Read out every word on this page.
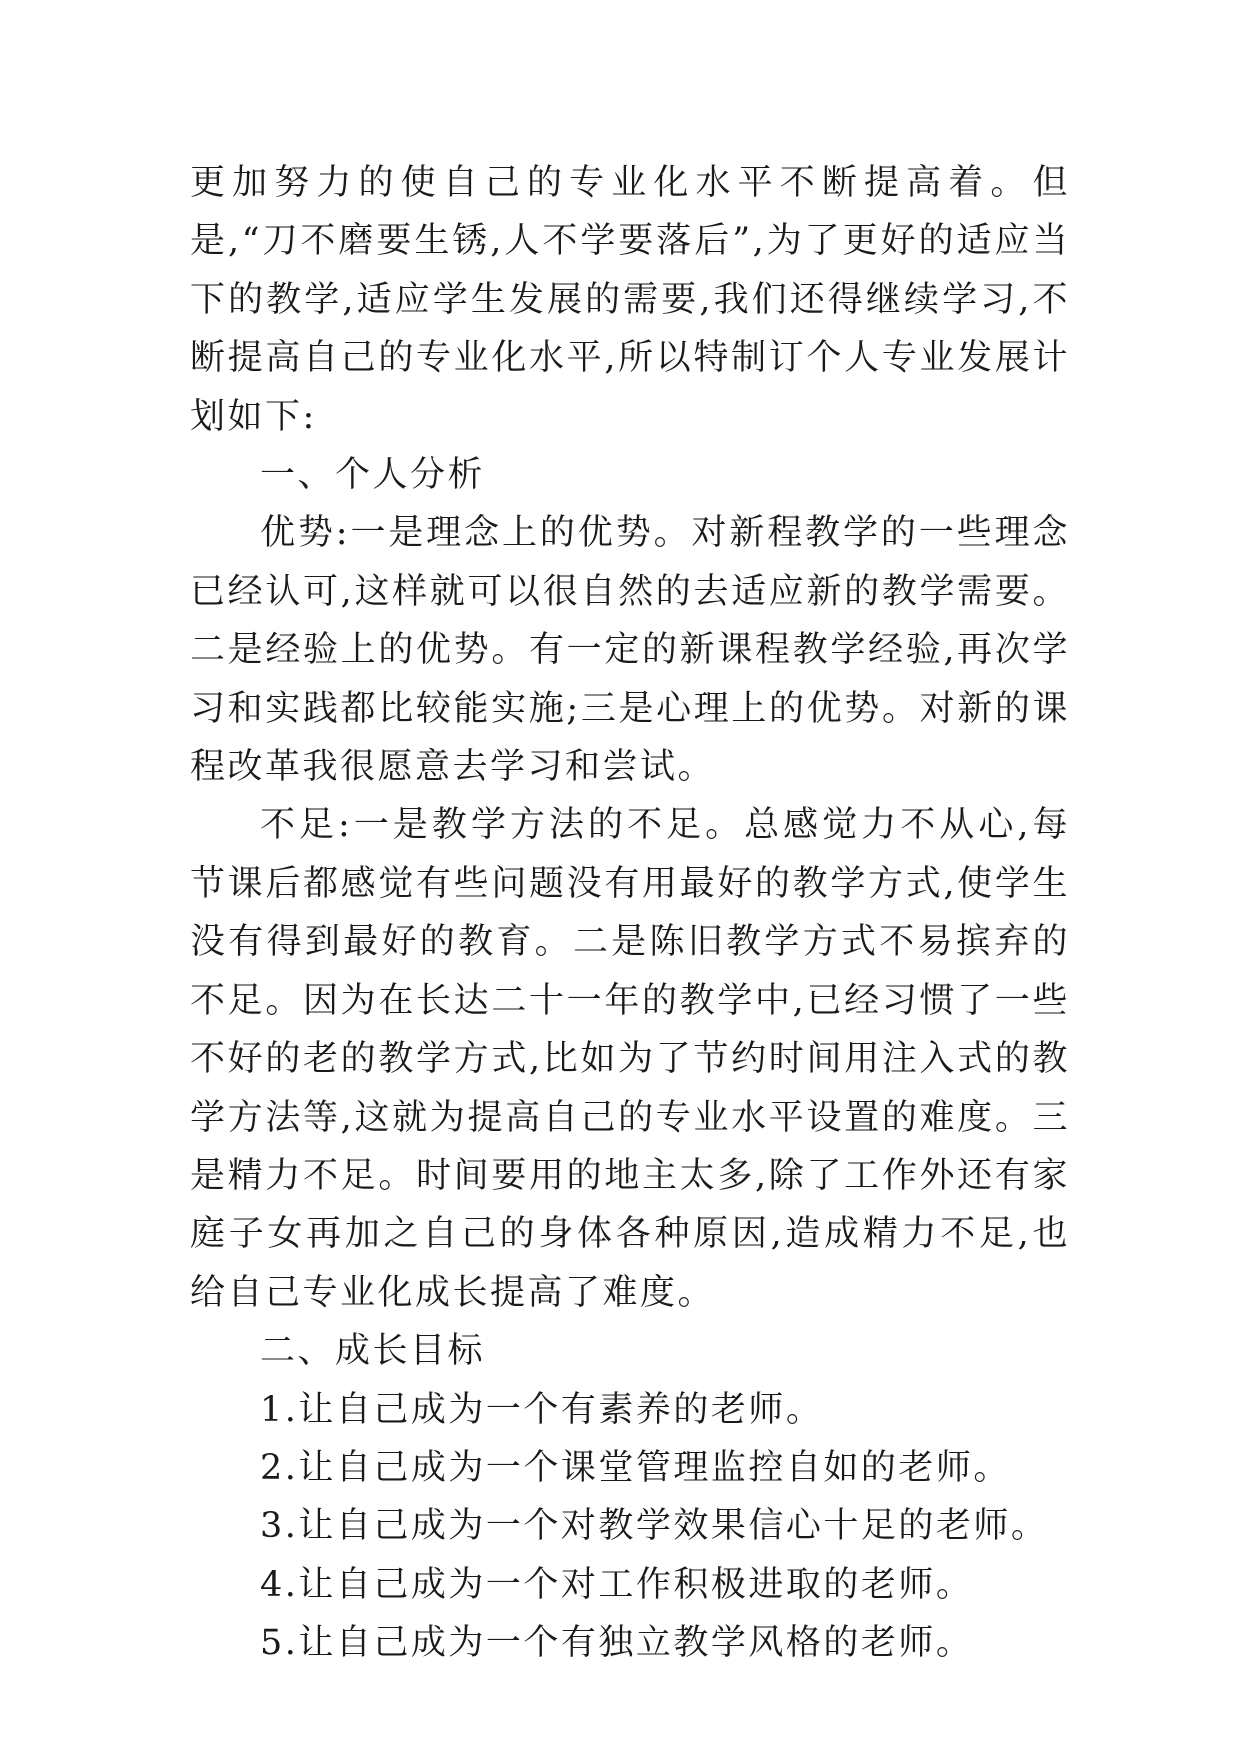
更加努力的使自己的专业化水平不断提高着。但是,“刀不磨要生锈,人不学要落后”,为了更好的适应当下的教学,适应学生发展的需要,我们还得继续学习,不断提高自己的专业化水平,所以特制订个人专业发展计划如下:

一、个人分析

优势:一是理念上的优势。对新程教学的一些理念已经认可,这样就可以很自然的去适应新的教学需要。二是经验上的优势。有一定的新课程教学经验,再次学习和实践都比较能实施;三是心理上的优势。对新的课程改革我很愿意去学习和尝试。

不足:一是教学方法的不足。总感觉力不从心,每节课后都感觉有些问题没有用最好的教学方式,使学生没有得到最好的教育。二是陈旧教学方式不易摈弃的不足。因为在长达二十一年的教学中,已经习惯了一些不好的老的教学方式,比如为了节约时间用注入式的教学方法等,这就为提高自己的专业水平设置的难度。三是精力不足。时间要用的地主太多,除了工作外还有家庭子女再加之自己的身体各种原因,造成精力不足,也给自己专业化成长提高了难度。

二、成长目标

1.让自己成为一个有素养的老师。
2.让自己成为一个课堂管理监控自如的老师。
3.让自己成为一个对教学效果信心十足的老师。
4.让自己成为一个对工作积极进取的老师。
5.让自己成为一个有独立教学风格的老师。
